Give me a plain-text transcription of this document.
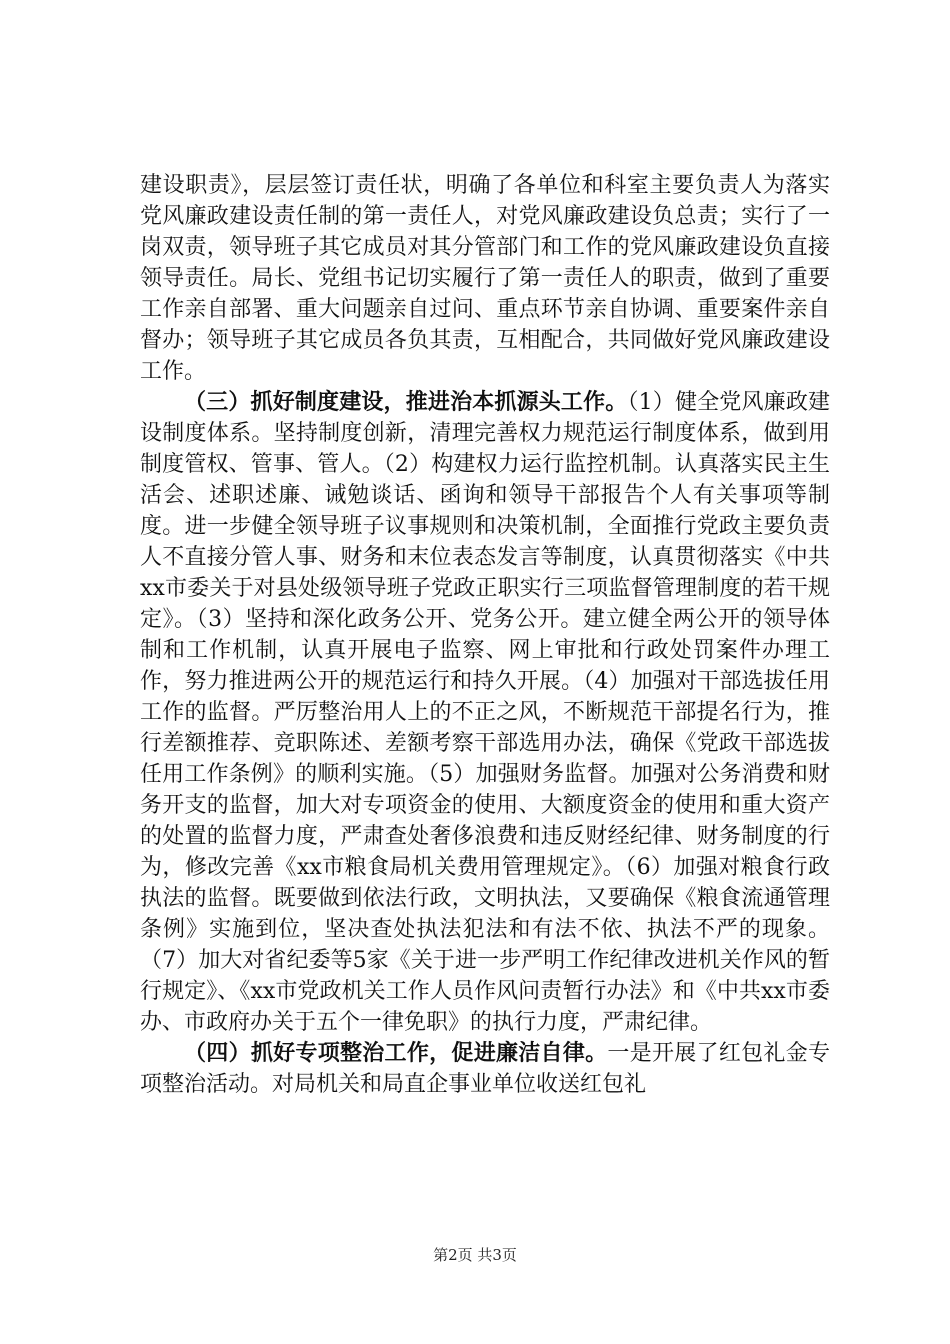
建设职责》，层层签订责任状，明确了各单位和科室主要负责人为落实党风廉政建设责任制的第一责任人，对党风廉政建设负总责；实行了一岗双责，领导班子其它成员对其分管部门和工作的党风廉政建设负直接领导责任。局长、党组书记切实履行了第一责任人的职责，做到了重要工作亲自部署、重大问题亲自过问、重点环节亲自协调、重要案件亲自督办；领导班子其它成员各负其责，互相配合，共同做好党风廉政建设工作。

（三）抓好制度建设，推进治本抓源头工作。（1）健全党风廉政建设制度体系。坚持制度创新，清理完善权力规范运行制度体系，做到用制度管权、管事、管人。（2）构建权力运行监控机制。认真落实民主生活会、述职述廉、诫勉谈话、函询和领导干部报告个人有关事项等制度。进一步健全领导班子议事规则和决策机制，全面推行党政主要负责人不直接分管人事、财务和末位表态发言等制度，认真贯彻落实《中共xx市委关于对县处级领导班子党政正职实行三项监督管理制度的若干规定》。（3）坚持和深化政务公开、党务公开。建立健全两公开的领导体制和工作机制，认真开展电子监察、网上审批和行政处罚案件办理工作，努力推进两公开的规范运行和持久开展。（4）加强对干部选拔任用工作的监督。严厉整治用人上的不正之风，不断规范干部提名行为，推行差额推荐、竞职陈述、差额考察干部选用办法，确保《党政干部选拔任用工作条例》的顺利实施。（5）加强财务监督。加强对公务消费和财务开支的监督，加大对专项资金的使用、大额度资金的使用和重大资产的处置的监督力度，严肃查处奢侈浪费和违反财经纪律、财务制度的行为，修改完善《xx市粮食局机关费用管理规定》。（6）加强对粮食行政执法的监督。既要做到依法行政，文明执法，又要确保《粮食流通管理条例》实施到位，坚决查处执法犯法和有法不依、执法不严的现象。（7）加大对省纪委等5家《关于进一步严明工作纪律改进机关作风的暂行规定》、《xx市党政机关工作人员作风问责暂行办法》和《中共xx市委办、市政府办关于五个一律免职》的执行力度，严肃纪律。

（四）抓好专项整治工作，促进廉洁自律。一是开展了红包礼金专项整治活动。对局机关和局直企事业单位收送红包礼

第2页 共3页
